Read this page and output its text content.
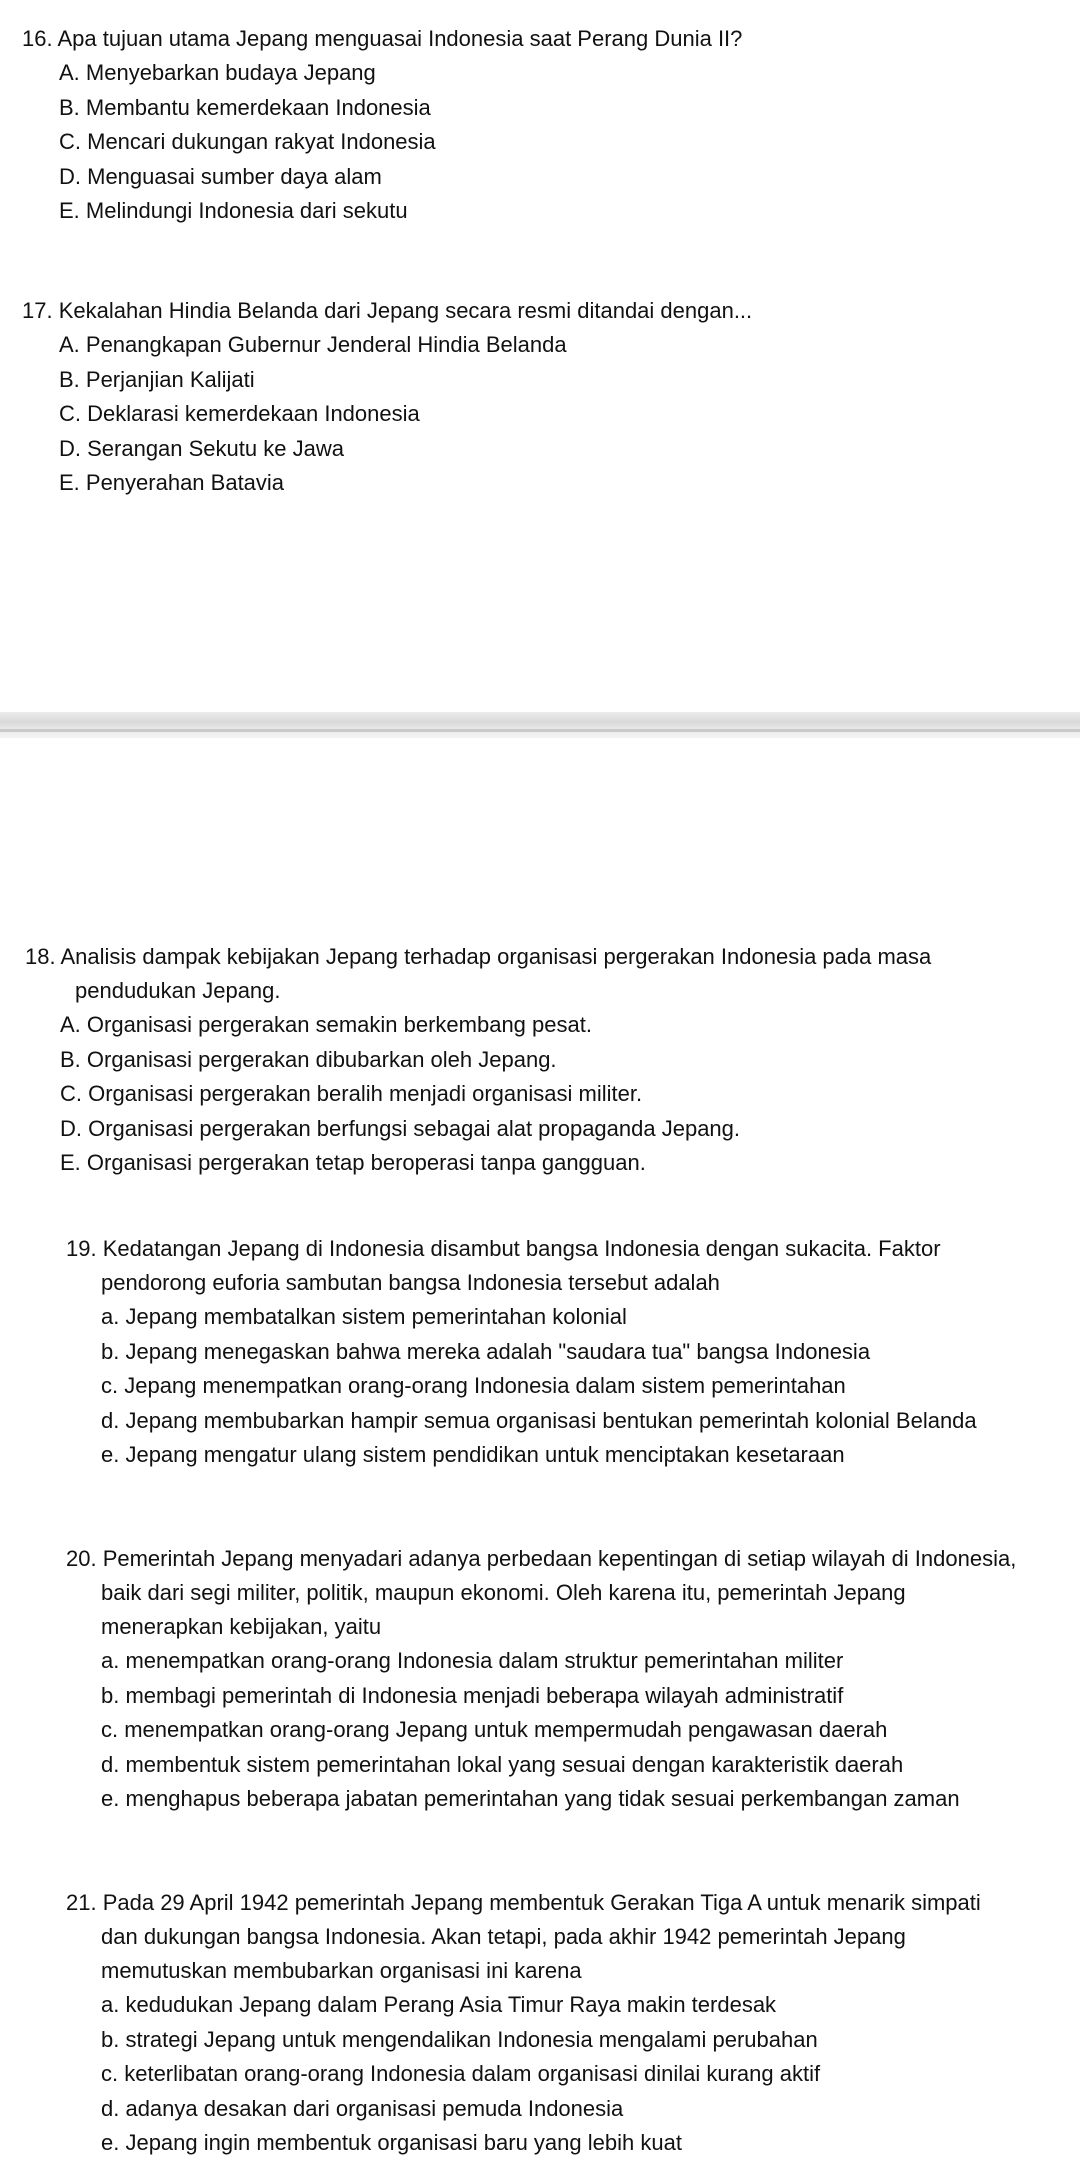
16. Apa tujuan utama Jepang menguasai Indonesia saat Perang Dunia II?
A. Menyebarkan budaya Jepang
B. Membantu kemerdekaan Indonesia
C. Mencari dukungan rakyat Indonesia
D. Menguasai sumber daya alam
E. Melindungi Indonesia dari sekutu
17. Kekalahan Hindia Belanda dari Jepang secara resmi ditandai dengan...
A. Penangkapan Gubernur Jenderal Hindia Belanda
B. Perjanjian Kalijati
C. Deklarasi kemerdekaan Indonesia
D. Serangan Sekutu ke Jawa
E. Penyerahan Batavia
18. Analisis dampak kebijakan Jepang terhadap organisasi pergerakan Indonesia pada masa
pendudukan Jepang.
A. Organisasi pergerakan semakin berkembang pesat.
B. Organisasi pergerakan dibubarkan oleh Jepang.
C. Organisasi pergerakan beralih menjadi organisasi militer.
D. Organisasi pergerakan berfungsi sebagai alat propaganda Jepang.
E. Organisasi pergerakan tetap beroperasi tanpa gangguan.
19. Kedatangan Jepang di Indonesia disambut bangsa Indonesia dengan sukacita. Faktor
pendorong euforia sambutan bangsa Indonesia tersebut adalah
a. Jepang membatalkan sistem pemerintahan kolonial
b. Jepang menegaskan bahwa mereka adalah "saudara tua" bangsa Indonesia
c. Jepang menempatkan orang-orang Indonesia dalam sistem pemerintahan
d. Jepang membubarkan hampir semua organisasi bentukan pemerintah kolonial Belanda
e. Jepang mengatur ulang sistem pendidikan untuk menciptakan kesetaraan
20. Pemerintah Jepang menyadari adanya perbedaan kepentingan di setiap wilayah di Indonesia,
baik dari segi militer, politik, maupun ekonomi. Oleh karena itu, pemerintah Jepang
menerapkan kebijakan, yaitu
a. menempatkan orang-orang Indonesia dalam struktur pemerintahan militer
b. membagi pemerintah di Indonesia menjadi beberapa wilayah administratif
c. menempatkan orang-orang Jepang untuk mempermudah pengawasan daerah
d. membentuk sistem pemerintahan lokal yang sesuai dengan karakteristik daerah
e. menghapus beberapa jabatan pemerintahan yang tidak sesuai perkembangan zaman
21. Pada 29 April 1942 pemerintah Jepang membentuk Gerakan Tiga A untuk menarik simpati
dan dukungan bangsa Indonesia. Akan tetapi, pada akhir 1942 pemerintah Jepang
memutuskan membubarkan organisasi ini karena
a. kedudukan Jepang dalam Perang Asia Timur Raya makin terdesak
b. strategi Jepang untuk mengendalikan Indonesia mengalami perubahan
c. keterlibatan orang-orang Indonesia dalam organisasi dinilai kurang aktif
d. adanya desakan dari organisasi pemuda Indonesia
e. Jepang ingin membentuk organisasi baru yang lebih kuat
